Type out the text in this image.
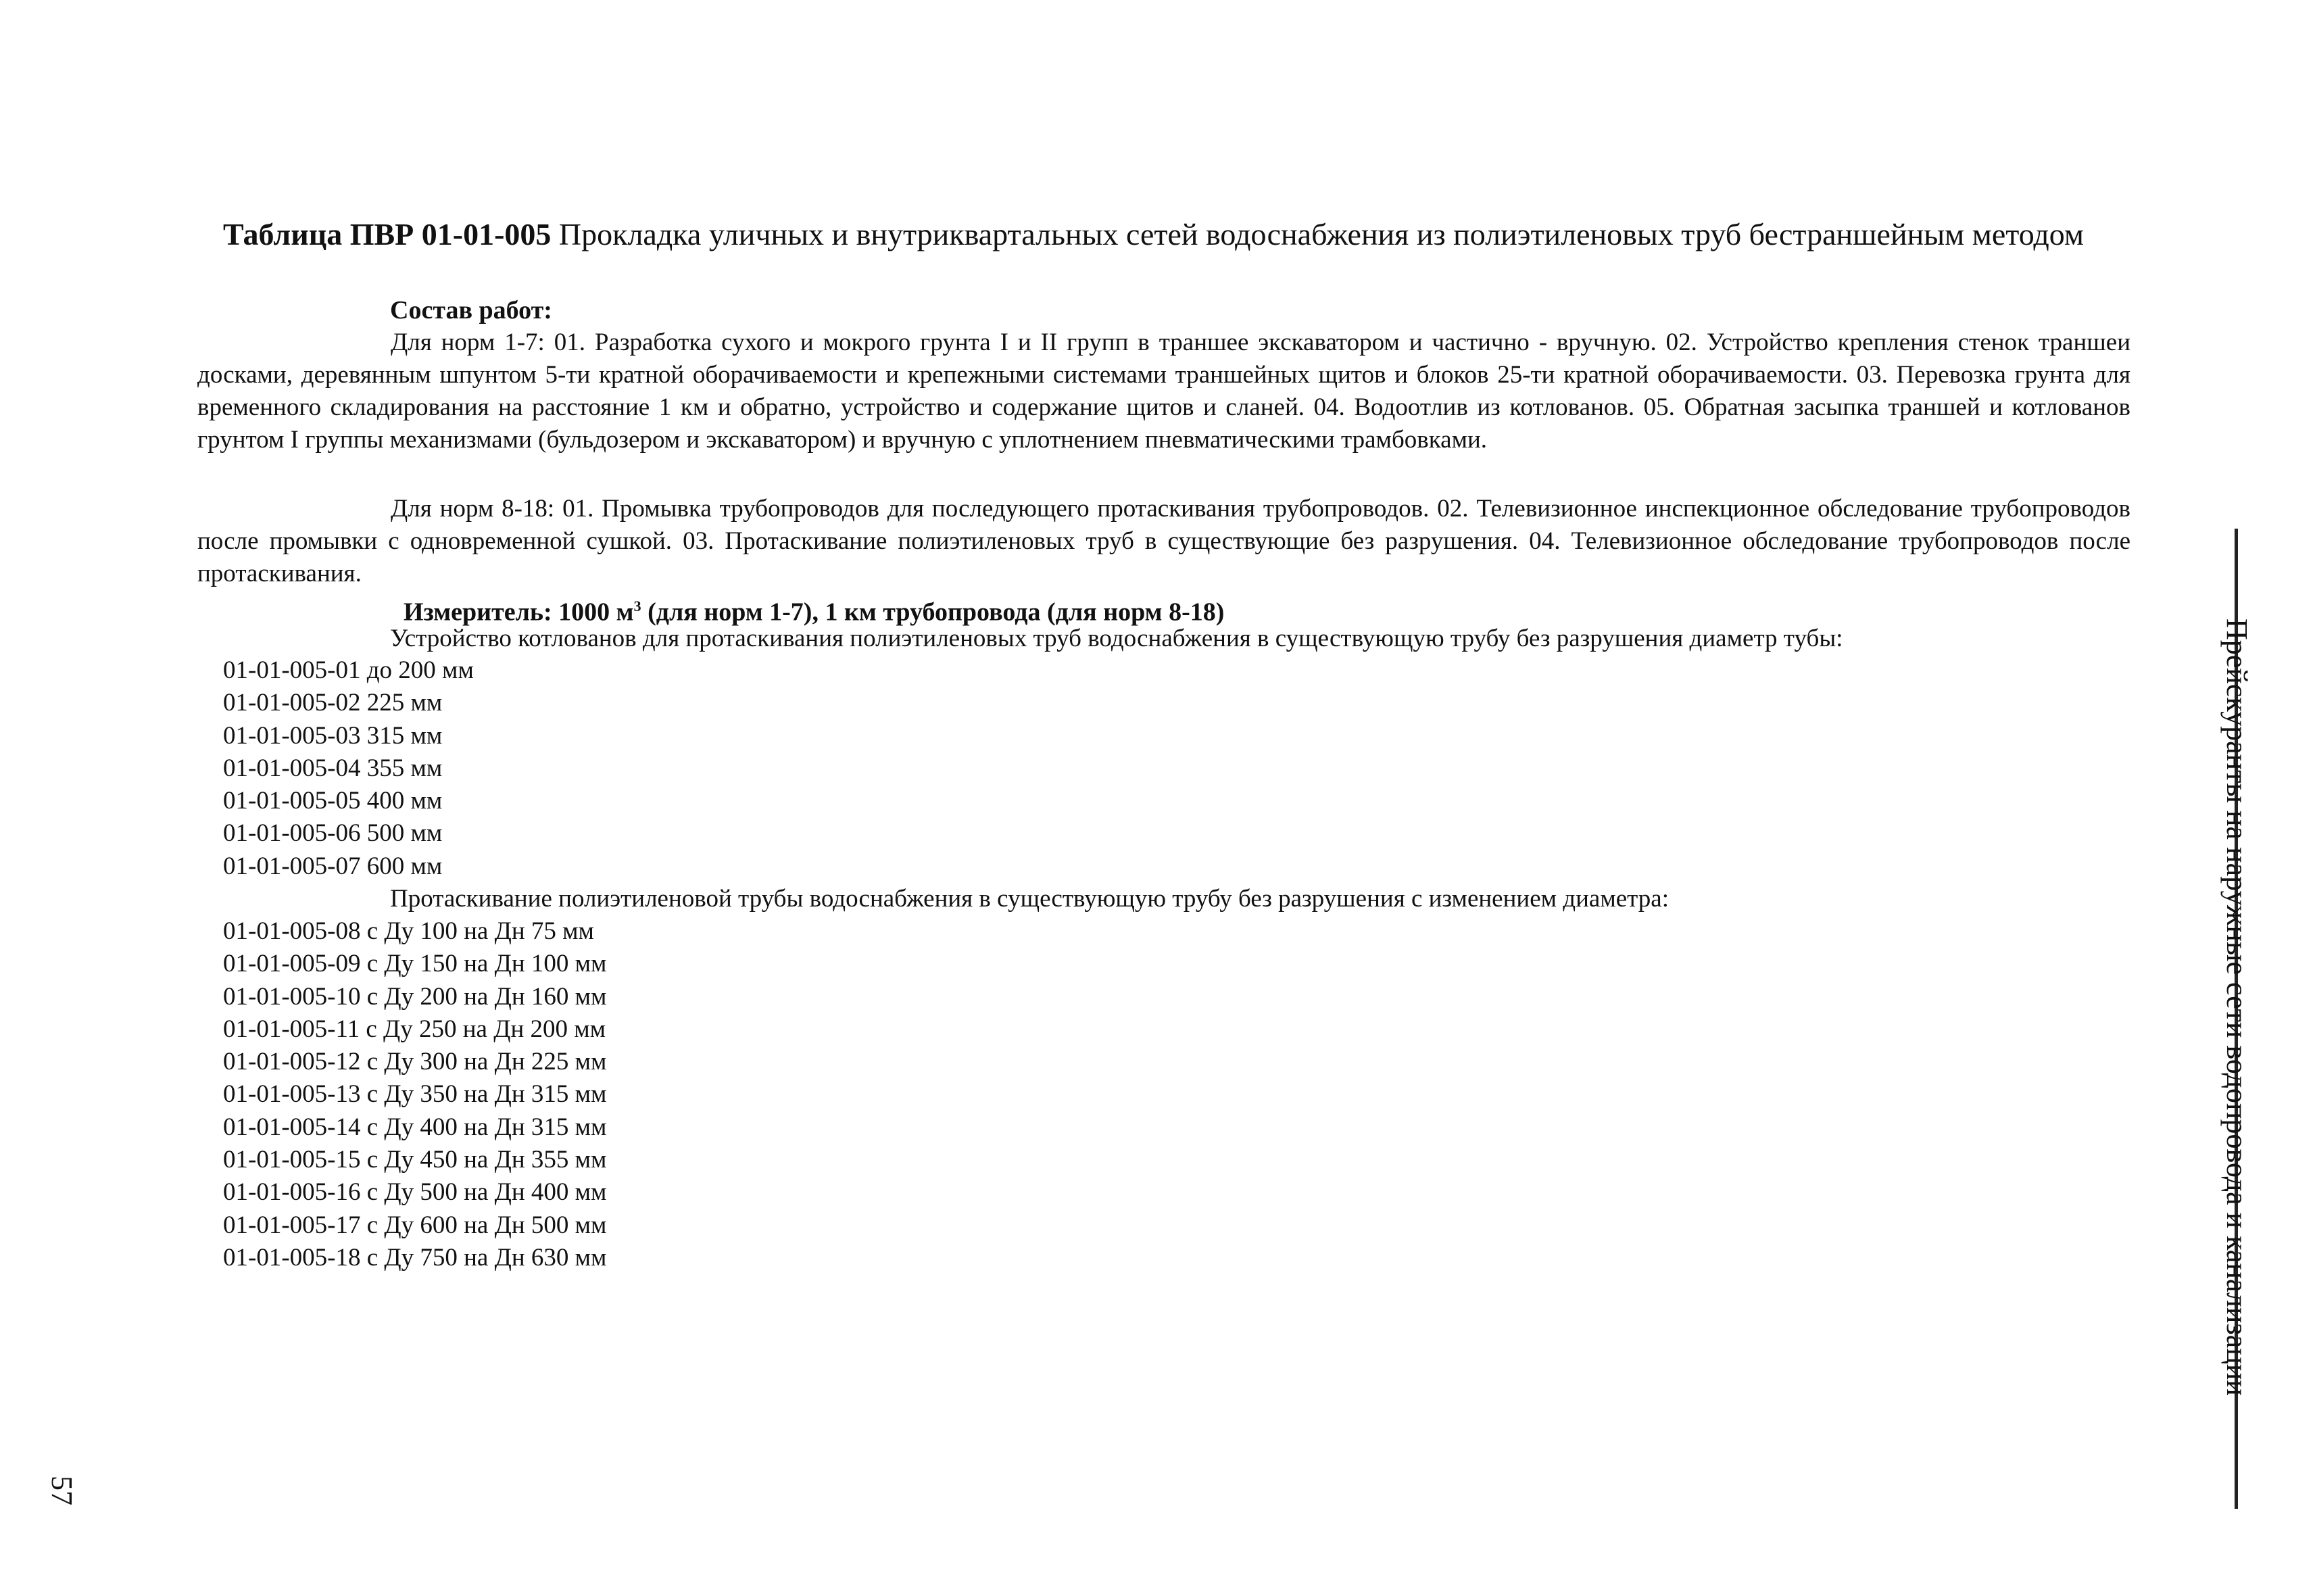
Таблица ПВР 01-01-005 Прокладка уличных и внутриквартальных сетей водоснабжения из полиэтиленовых труб бестраншейным методом
Состав работ:
Для норм 1-7: 01. Разработка сухого и мокрого грунта I и II групп в траншее экскаватором и частично - вручную. 02. Устройство крепления стенок траншеи досками, деревянным шпунтом 5-ти кратной оборачиваемости и крепежными системами траншейных щитов и блоков 25-ти кратной оборачиваемости. 03. Перевозка грунта для временного складирования на расстояние 1 км и обратно, устройство и содержание щитов и сланей. 04. Водоотлив из котлованов. 05. Обратная засыпка траншей и котлованов грунтом I группы механизмами (бульдозером и экскаватором) и вручную с уплотнением пневматическими трамбовками.
Для норм 8-18: 01. Промывка трубопроводов для последующего протаскивания трубопроводов. 02. Телевизионное инспекционное обследование трубопроводов после промывки с одновременной сушкой. 03. Протаскивание полиэтиленовых труб в существующие без разрушения. 04. Телевизионное обследование трубопроводов после протаскивания.
Измеритель: 1000 $м^3$ (для норм 1-7), 1 км трубопровода (для норм 8-18)
Устройство котлованов для протаскивания полиэтиленовых труб водоснабжения в существующую трубу без разрушения диаметр тубы:
01-01-005-01 до 200 мм
01-01-005-02 225 мм
01-01-005-03 315 мм
01-01-005-04 355 мм
01-01-005-05 400 мм
01-01-005-06 500 мм
01-01-005-07 600 мм
Протаскивание полиэтиленовой трубы водоснабжения в существующую трубу без разрушения с изменением диаметра:
01-01-005-08 с Ду 100 на Дн 75 мм
01-01-005-09 с Ду 150 на Дн 100 мм
01-01-005-10 с Ду 200 на Дн 160 мм
01-01-005-11 с Ду 250 на Дн 200 мм
01-01-005-12 с Ду 300 на Дн 225 мм
01-01-005-13 с Ду 350 на Дн 315 мм
01-01-005-14 с Ду 400 на Дн 315 мм
01-01-005-15 с Ду 450 на Дн 355 мм
01-01-005-16 с Ду 500 на Дн 400 мм
01-01-005-17 с Ду 600 на Дн 500 мм
01-01-005-18 с Ду 750 на Дн 630 мм
57
Прейскуранты на наружные сети водопровода и канализации
